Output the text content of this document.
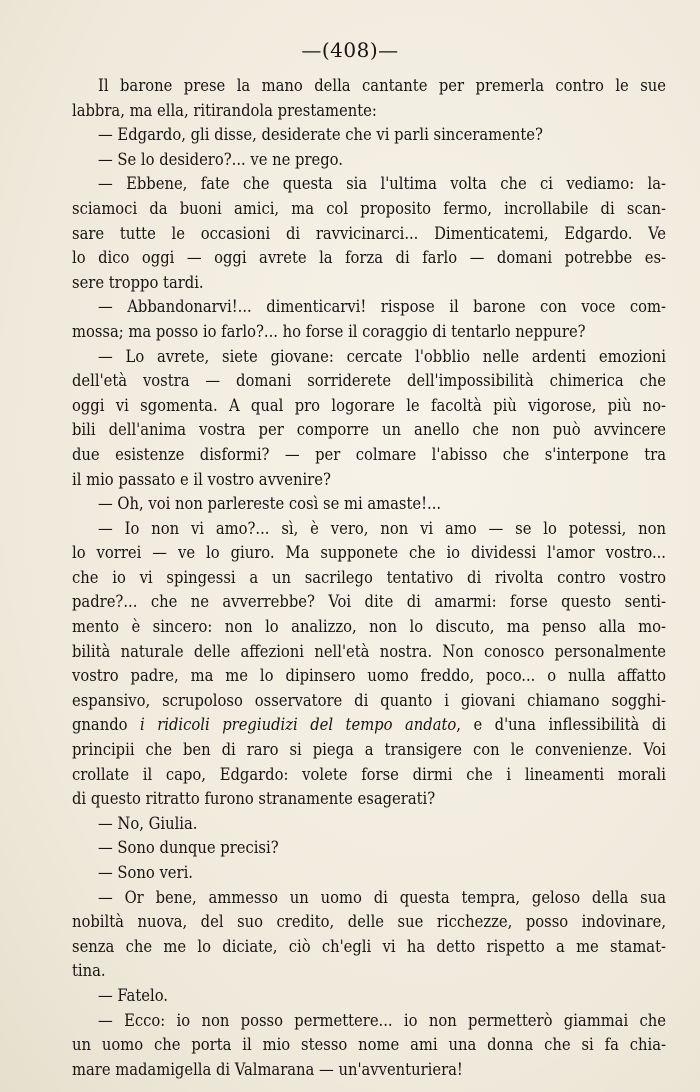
—(408)—
Il barone prese la mano della cantante per premerla contro le sue
labbra, ma ella, ritirandola prestamente:
— Edgardo, gli disse, desiderate che vi parli sinceramente?
— Se lo desidero?... ve ne prego.
— Ebbene, fate che questa sia l'ultima volta che ci vediamo: la-
sciamoci da buoni amici, ma col proposito fermo, incrollabile di scan-
sare tutte le occasioni di ravvicinarci... Dimenticatemi, Edgardo. Ve
lo dico oggi — oggi avrete la forza di farlo — domani potrebbe es-
sere troppo tardi.
— Abbandonarvi!... dimenticarvi! rispose il barone con voce com-
mossa; ma posso io farlo?... ho forse il coraggio di tentarlo neppure?
— Lo avrete, siete giovane: cercate l'obblio nelle ardenti emozioni
dell'età vostra — domani sorriderete dell'impossibilità chimerica che
oggi vi sgomenta. A qual pro logorare le facoltà più vigorose, più no-
bili dell'anima vostra per comporre un anello che non può avvincere
due esistenze disformi? — per colmare l'abisso che s'interpone tra
il mio passato e il vostro avvenire?
— Oh, voi non parlereste così se mi amaste!...
— Io non vi amo?... sì, è vero, non vi amo — se lo potessi, non
lo vorrei — ve lo giuro. Ma supponete che io dividessi l'amor vostro...
che io vi spingessi a un sacrilego tentativo di rivolta contro vostro
padre?... che ne avverrebbe? Voi dite di amarmi: forse questo senti-
mento è sincero: non lo analizzo, non lo discuto, ma penso alla mo-
bilità naturale delle affezioni nell'età nostra. Non conosco personalmente
vostro padre, ma me lo dipinsero uomo freddo, poco... o nulla affatto
espansivo, scrupoloso osservatore di quanto i giovani chiamano sogghi-
gnando i ridicoli pregiudizi del tempo andato, e d'una inflessibilità di
principii che ben di raro si piega a transigere con le convenienze. Voi
crollate il capo, Edgardo: volete forse dirmi che i lineamenti morali
di questo ritratto furono stranamente esagerati?
— No, Giulia.
— Sono dunque precisi?
— Sono veri.
— Or bene, ammesso un uomo di questa tempra, geloso della sua
nobiltà nuova, del suo credito, delle sue ricchezze, posso indovinare,
senza che me lo diciate, ciò ch'egli vi ha detto rispetto a me stamat-
tina.
— Fatelo.
— Ecco: io non posso permettere... io non permetterò giammai che
un uomo che porta il mio stesso nome ami una donna che si fa chia-
mare madamigella di Valmarana — un'avventuriera!
